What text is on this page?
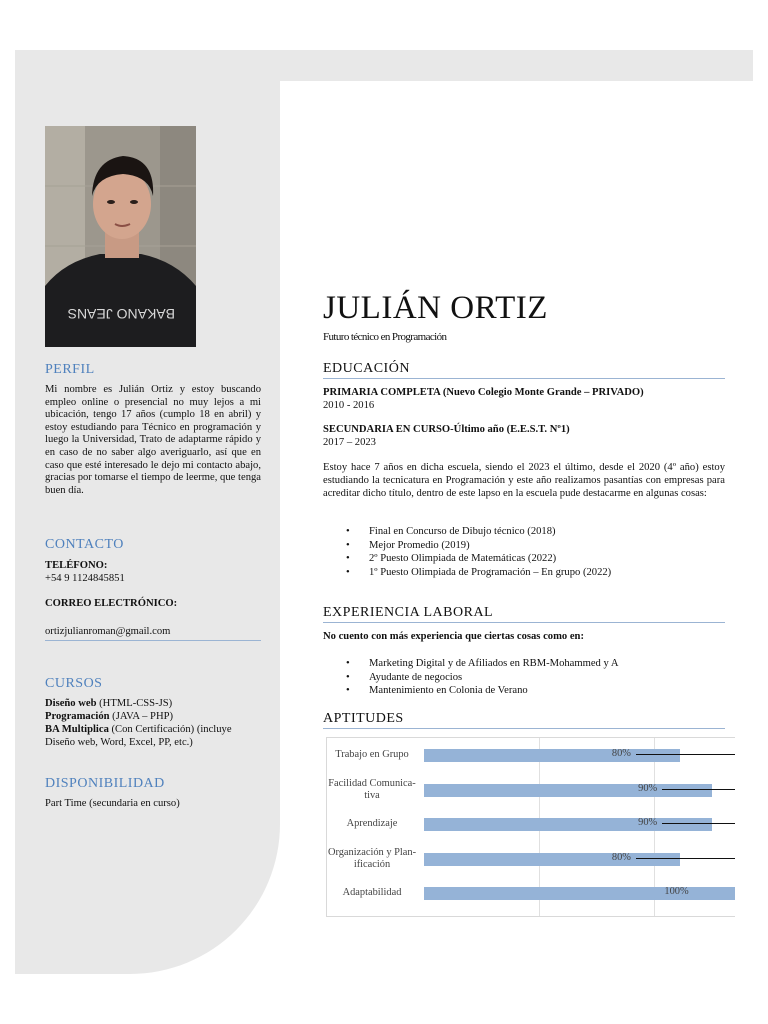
BAKANO JEANS
PERFIL
Mi nombre es Julián Ortiz y estoy buscando empleo online o presencial no muy lejos a mi ubicación, tengo 17 años (cumplo 18 en abril) y estoy estudiando para Técnico en programación y luego la Universidad, Trato de adaptarme rápido y en caso de no saber algo averiguarlo, así que en caso que esté interesado le dejo mi contacto abajo, gracias por tomarse el tiempo de leerme, que tenga buen día.
CONTACTO
TELÉFONO:
+54 9 1124845851
CORREO ELECTRÓNICO:
ortizjulianroman@gmail.com
CURSOS
Diseño web (HTML-CSS-JS)
Programación (JAVA – PHP)
BA Multiplica (Con Certificación) (incluye
Diseño web, Word, Excel, PP, etc.)
DISPONIBILIDAD
Part Time (secundaria en curso)
JULIÁN ORTIZ
Futuro técnico en Programación
EDUCACIÓN
PRIMARIA COMPLETA (Nuevo Colegio Monte Grande – PRIVADO)
2010 - 2016
SECUNDARIA EN CURSO-Último año (E.E.S.T. Nº1)
2017 – 2023
Estoy hace 7 años en dicha escuela, siendo el 2023 el último, desde el 2020 (4º año) estoy estudiando la tecnicatura en Programación y este año realizamos pasantías con empresas para acreditar dicho título, dentro de este lapso en la escuela pude destacarme en algunas cosas:
• Final en Concurso de Dibujo técnico (2018)
• Mejor Promedio (2019)
• 2º Puesto Olimpiada de Matemáticas (2022)
• 1º Puesto Olimpiada de Programación – En grupo (2022)
EXPERIENCIA LABORAL
No cuento con más experiencia que ciertas cosas como en:
• Marketing Digital y de Afiliados en RBM-Mohammed y A
• Ayudante de negocios
• Mantenimiento en Colonia de Verano
APTITUDES
Trabajo en Grupo	80%
Facilidad Comunica-
tiva
90%
Aprendizaje	90%
Organización y Plan-
ificación
80%
Adaptabilidad	100%
